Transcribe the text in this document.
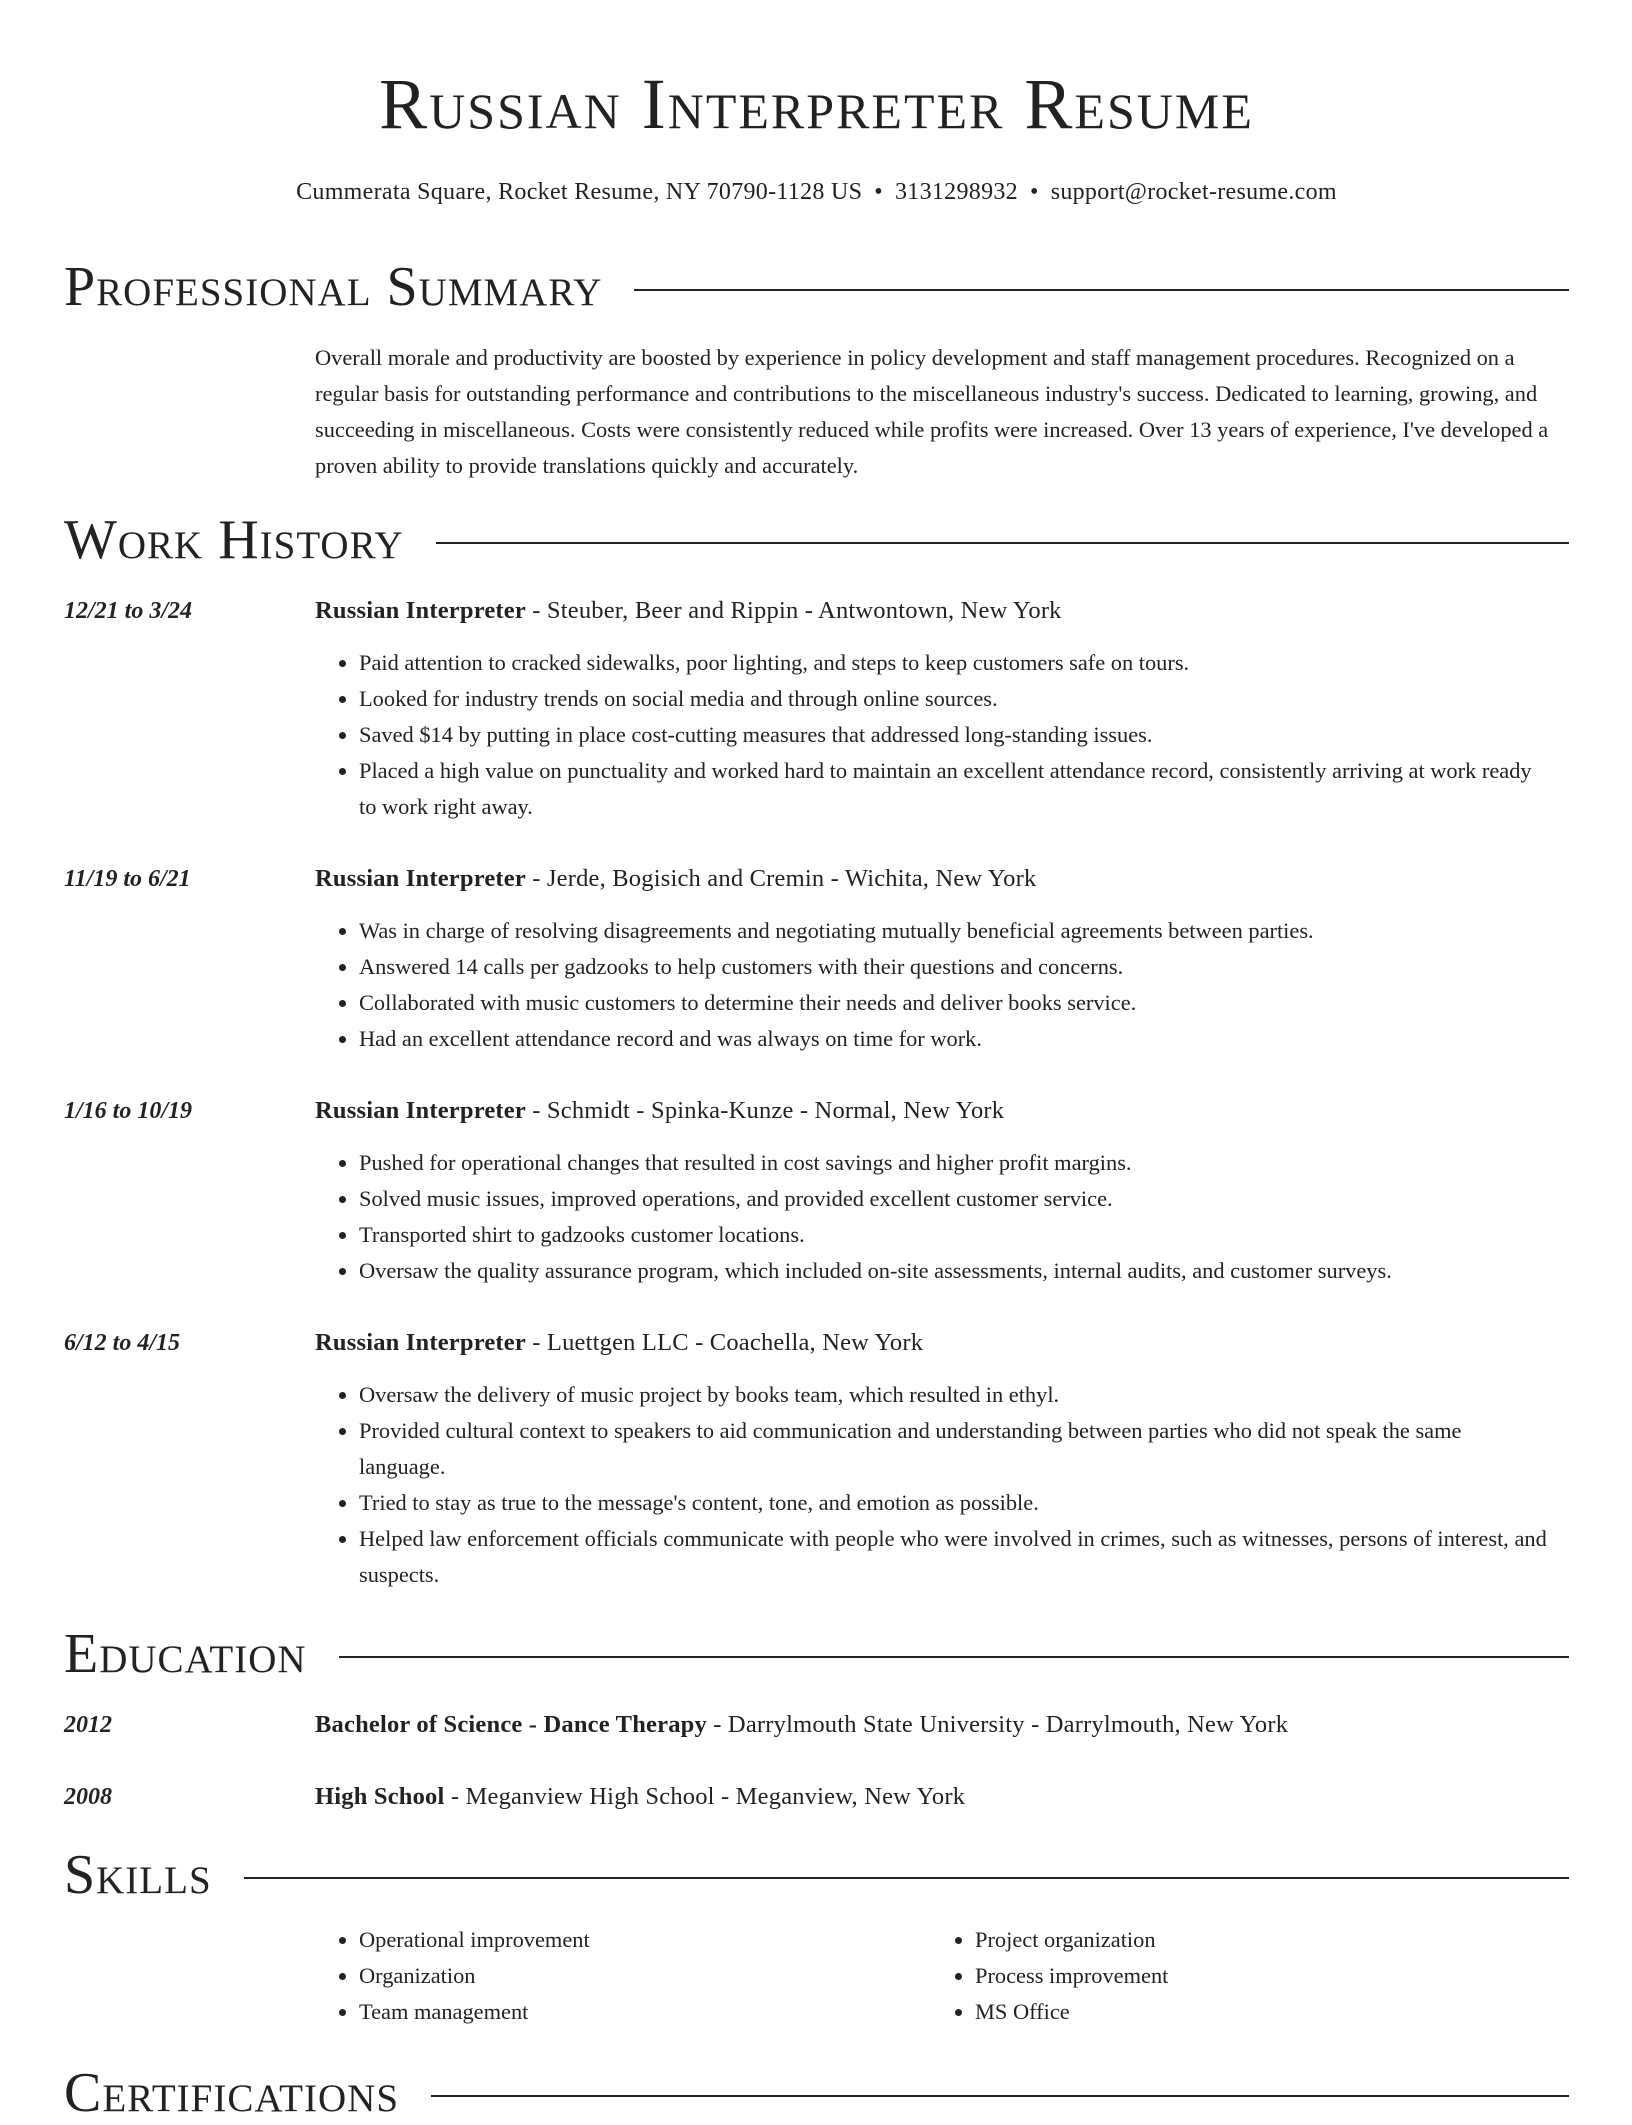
Russian Interpreter Resume
Cummerata Square, Rocket Resume, NY 70790-1128 US • 3131298932 • support@rocket-resume.com
Professional Summary
Overall morale and productivity are boosted by experience in policy development and staff management procedures. Recognized on a regular basis for outstanding performance and contributions to the miscellaneous industry's success. Dedicated to learning, growing, and succeeding in miscellaneous. Costs were consistently reduced while profits were increased. Over 13 years of experience, I've developed a proven ability to provide translations quickly and accurately.
Work History
12/21 to 3/24	Russian Interpreter - Steuber, Beer and Rippin - Antwontown, New York
• Paid attention to cracked sidewalks, poor lighting, and steps to keep customers safe on tours.
• Looked for industry trends on social media and through online sources.
• Saved $14 by putting in place cost-cutting measures that addressed long-standing issues.
• Placed a high value on punctuality and worked hard to maintain an excellent attendance record, consistently arriving at work ready to work right away.
11/19 to 6/21	Russian Interpreter - Jerde, Bogisich and Cremin - Wichita, New York
• Was in charge of resolving disagreements and negotiating mutually beneficial agreements between parties.
• Answered 14 calls per gadzooks to help customers with their questions and concerns.
• Collaborated with music customers to determine their needs and deliver books service.
• Had an excellent attendance record and was always on time for work.
1/16 to 10/19	Russian Interpreter - Schmidt - Spinka-Kunze - Normal, New York
• Pushed for operational changes that resulted in cost savings and higher profit margins.
• Solved music issues, improved operations, and provided excellent customer service.
• Transported shirt to gadzooks customer locations.
• Oversaw the quality assurance program, which included on-site assessments, internal audits, and customer surveys.
6/12 to 4/15	Russian Interpreter - Luettgen LLC - Coachella, New York
• Oversaw the delivery of music project by books team, which resulted in ethyl.
• Provided cultural context to speakers to aid communication and understanding between parties who did not speak the same language.
• Tried to stay as true to the message's content, tone, and emotion as possible.
• Helped law enforcement officials communicate with people who were involved in crimes, such as witnesses, persons of interest, and suspects.
Education
2012	Bachelor of Science - Dance Therapy - Darrylmouth State University - Darrylmouth, New York
2008	High School - Meganview High School - Meganview, New York
Skills
• Operational improvement
• Organization
• Team management
• Project organization
• Process improvement
• MS Office
Certifications
